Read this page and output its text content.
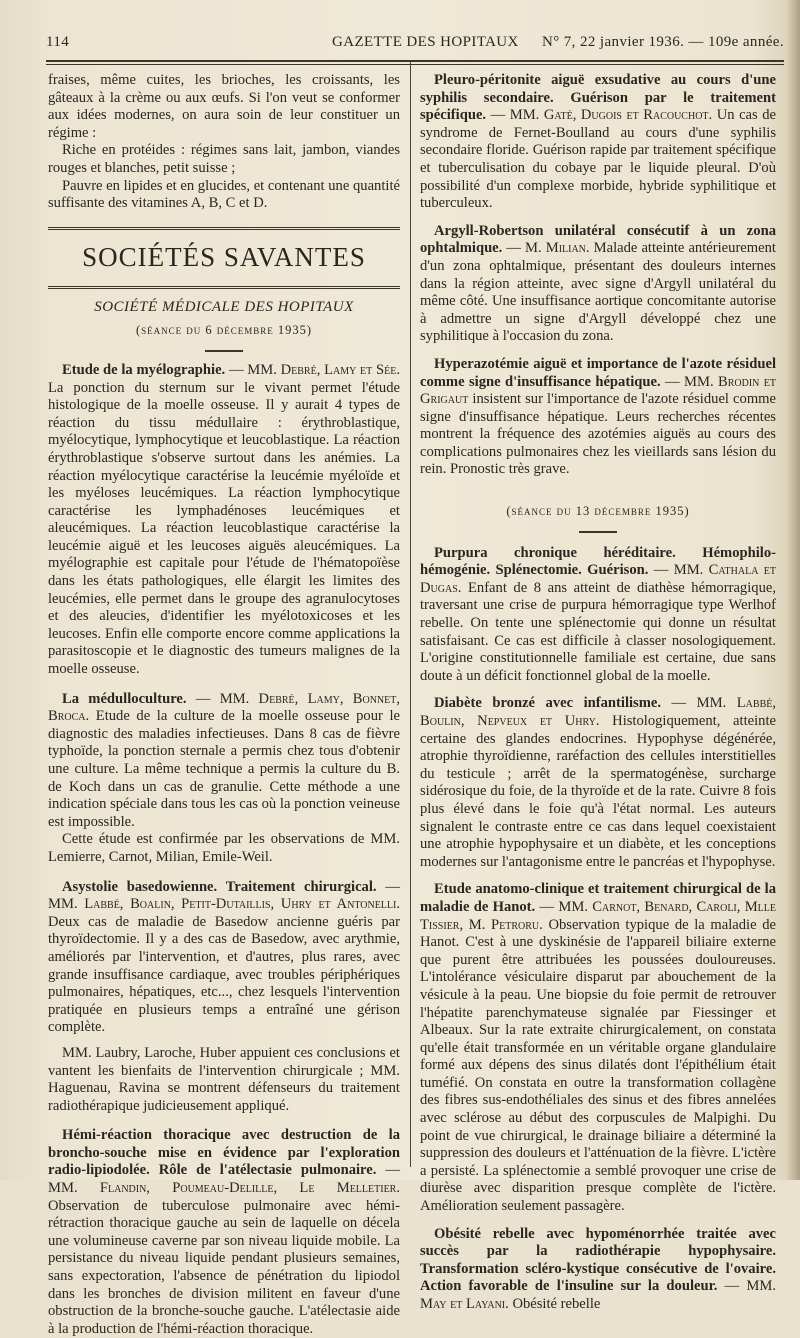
114	GAZETTE DES HOPITAUX N° 7, 22 janvier 1936. — 109e année.

fraises, même cuites, les brioches, les croissants, les gâteaux à la crème ou aux œufs. Si l'on veut se conformer aux idées modernes, on aura soin de leur constituer un régime :

Riche en protéides : régimes sans lait, jambon, viandes rouges et blanches, petit suisse ;

Pauvre en lipides et en glucides, et contenant une quantité suffisante des vitamines A, B, C et D.

SOCIÉTÉS SAVANTES
SOCIÉTÉ MÉDICALE DES HOPITAUX
(séance du 6 décembre 1935)

Etude de la myélographie. — MM. Debré, Lamy et Sée. La ponction du sternum sur le vivant permet l'étude histologique de la moelle osseuse. Il y aurait 4 types de réaction du tissu médullaire : érythroblastique, myélocytique, lymphocytique et leucoblastique. La réaction érythroblastique s'observe surtout dans les anémies. La réaction myélocytique caractérise la leucémie myéloïde et les myéloses leucémiques. La réaction lymphocytique caractérise les lymphadénoses leucémiques et aleucémiques. La réaction leucoblastique caractérise la leucémie aiguë et les leucoses aiguës aleucémiques. La myélographie est capitale pour l'étude de l'hématopoïèse dans les états pathologiques, elle élargit les limites des leucémies, elle permet dans le groupe des agranulocytoses et des aleucies, d'identifier les myélotoxicoses et les leucoses. Enfin elle comporte encore comme applications la parasitoscopie et le diagnostic des tumeurs malignes de la moelle osseuse.

La médulloculture. — MM. Debré, Lamy, Bonnet, Broca. Etude de la culture de la moelle osseuse pour le diagnostic des maladies infectieuses. Dans 8 cas de fièvre typhoïde, la ponction sternale a permis chez tous d'obtenir une culture. La même technique a permis la culture du B. de Koch dans un cas de granulie. Cette méthode a une indication spéciale dans tous les cas où la ponction veineuse est impossible.

Cette étude est confirmée par les observations de MM. Lemierre, Carnot, Milian, Emile-Weil.

Asystolie basedowienne. Traitement chirurgical. — MM. Labbé, Boalin, Petit-Dutaillis, Uhry et Antonelli. Deux cas de maladie de Basedow ancienne guéris par thyroïdectomie. Il y a des cas de Basedow, avec arythmie, améliorés par l'intervention, et d'autres, plus rares, avec grande insuffisance cardiaque, avec troubles périphériques pulmonaires, hépatiques, etc..., chez lesquels l'intervention pratiquée en plusieurs temps a entraîné une gérison complète.

MM. Laubry, Laroche, Huber appuient ces conclusions et vantent les bienfaits de l'intervention chirurgicale ; MM. Haguenau, Ravina se montrent défenseurs du traitement radiothérapique judicieusement appliqué.

Hémi-réaction thoracique avec destruction de la broncho-souche mise en évidence par l'exploration radio-lipiodolée. Rôle de l'atélectasie pulmonaire. — MM. Flandin, Poumeau-Delille, Le Melletier. Observation de tuberculose pulmonaire avec hémi-rétraction thoracique gauche au sein de laquelle on décela une volumineuse caverne par son niveau liquide mobile. La persistance du niveau liquide pendant plusieurs semaines, sans expectoration, l'absence de pénétration du lipiodol dans les bronches de division militent en faveur d'une obstruction de la bronche-souche gauche. L'atélectasie aide à la production de l'hémi-réaction thoracique.

Pleuro-péritonite aiguë exsudative au cours d'une syphilis secondaire. Guérison par le traitement spécifique. — MM. Gaté, Dugois et Racouchot. Un cas de syndrome de Fernet-Boulland au cours d'une syphilis secondaire floride. Guérison rapide par traitement spécifique et tuberculisation du cobaye par le liquide pleural. D'où possibilité d'un complexe morbide, hybride syphilitique et tuberculeux.

Argyll-Robertson unilatéral consécutif à un zona ophtalmique. — M. Milian. Malade atteinte antérieurement d'un zona ophtalmique, présentant des douleurs internes dans la région atteinte, avec signe d'Argyll unilatéral du même côté. Une insuffisance aortique concomitante autorise à admettre un signe d'Argyll développé chez une syphilitique à l'occasion du zona.

Hyperazotémie aiguë et importance de l'azote résiduel comme signe d'insuffisance hépatique. — MM. Brodin et Grigaut insistent sur l'importance de l'azote résiduel comme signe d'insuffisance hépatique. Leurs recherches récentes montrent la fréquence des azotémies aiguës au cours des complications pulmonaires chez les vieillards sans lésion du rein. Pronostic très grave.

(séance du 13 décembre 1935)

Purpura chronique héréditaire. Hémophilo-hémogénie. Splénectomie. Guérison. — MM. Cathala et Dugas. Enfant de 8 ans atteint de diathèse hémorragique, traversant une crise de purpura hémorragique type Werlhof rebelle. On tente une splénectomie qui donne un résultat satisfaisant. Ce cas est difficile à classer nosologiquement. L'origine constitutionnelle familiale est certaine, due sans doute à un déficit fonctionnel global de la moelle.

Diabète bronzé avec infantilisme. — MM. Labbé, Boulin, Nepveux et Uhry. Histologiquement, atteinte certaine des glandes endocrines. Hypophyse dégénérée, atrophie thyroïdienne, raréfaction des cellules interstitielles du testicule ; arrêt de la spermatogénèse, surcharge sidérosique du foie, de la thyroïde et de la rate. Cuivre 8 fois plus élevé dans le foie qu'à l'état normal. Les auteurs signalent le contraste entre ce cas dans lequel coexistaient une atrophie hypophysaire et un diabète, et les conceptions modernes sur l'antagonisme entre le pancréas et l'hypophyse.

Etude anatomo-clinique et traitement chirurgical de la maladie de Hanot. — MM. Carnot, Benard, Caroli, Mlle Tissier, M. Petroru. Observation typique de la maladie de Hanot. C'est à une dyskinésie de l'appareil biliaire externe que purent être attribuées les poussées douloureuses. L'intolérance vésiculaire disparut par abouchement de la vésicule à la peau. Une biopsie du foie permit de retrouver l'hépatite parenchymateuse signalée par Fiessinger et Albeaux. Sur la rate extraite chirurgicalement, on constata qu'elle était transformée en un véritable organe glandulaire formé aux dépens des sinus dilatés dont l'épithélium était tuméfié. On constata en outre la transformation collagène des fibres sus-endothéliales des sinus et des fibres annelées avec sclérose au début des corpuscules de Malpighi. Du point de vue chirurgical, le drainage biliaire a déterminé la suppression des douleurs et l'atténuation de la fièvre. L'ictère a persisté. La splénectomie a semblé provoquer une crise de diurèse avec disparition presque complète de l'ictère. Amélioration seulement passagère.

Obésité rebelle avec hypoménorrhée traitée avec succès par la radiothérapie hypophysaire. Transformation scléro-kystique consécutive de l'ovaire. Action favorable de l'insuline sur la douleur. — MM. May et Layani. Obésité rebelle
